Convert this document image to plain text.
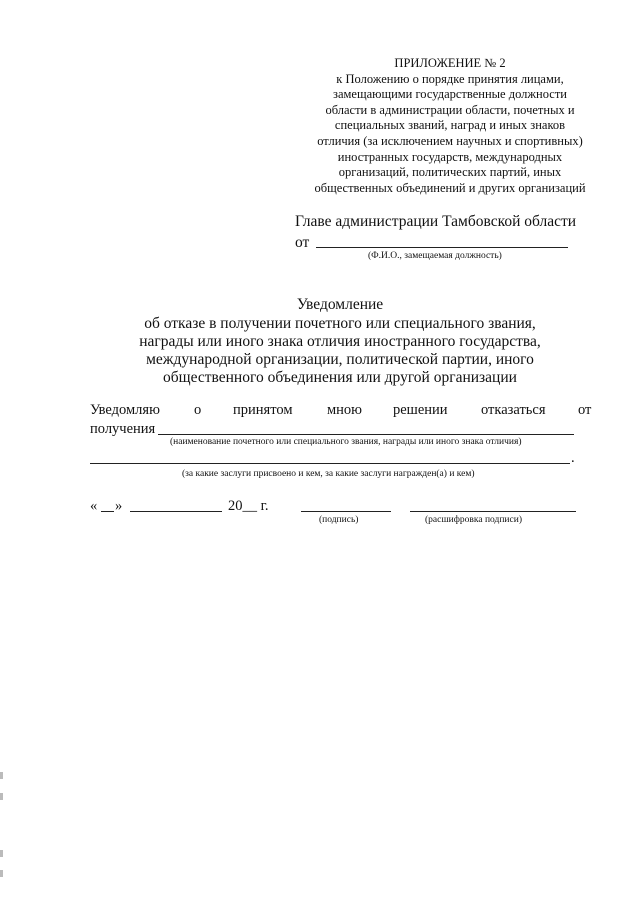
ПРИЛОЖЕНИЕ № 2
к Положению о порядке принятия лицами,
замещающими государственные должности
области в администрации области, почетных и
специальных званий, наград и иных знаков
отличия (за исключением научных и спортивных)
иностранных государств, международных
организаций, политических партий, иных
общественных объединений и других организаций
Главе администрации Тамбовской области
от
(Ф.И.О., замещаемая должность)
Уведомление
об отказе в получении почетного или специального звания,
награды или иного знака отличия иностранного государства,
международной организации, политической партии, иного
общественного объединения или другой организации
Уведомляю о принятом мною решении отказаться от
получения
(наименование почетного или специального звания, награды или иного знака отличия)
.
(за какие заслуги присвоено и кем, за какие заслуги награжден(а) и кем)
« »	20__ г.
(подпись)	(расшифровка подписи)
